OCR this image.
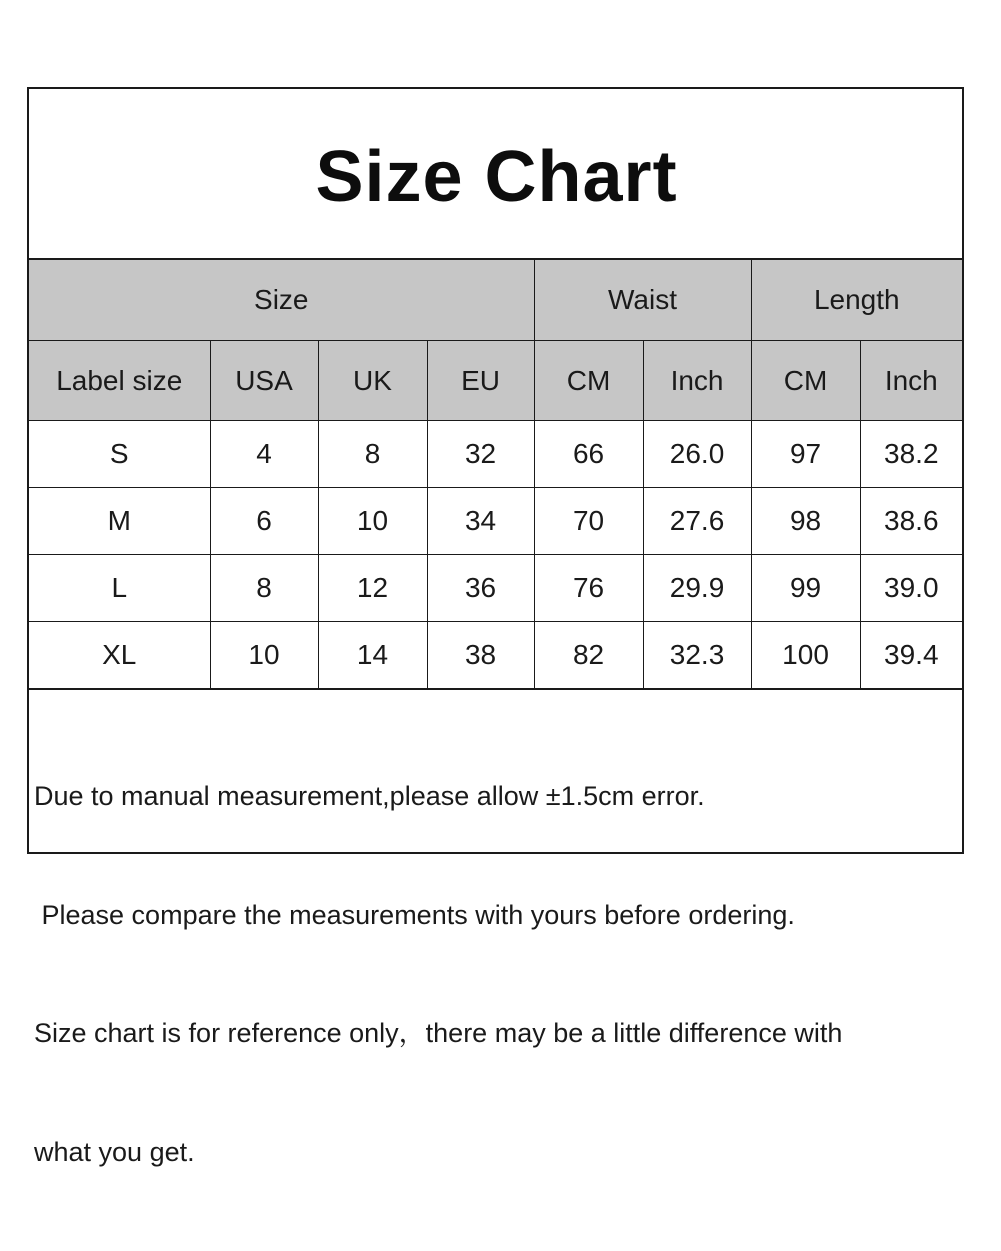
Size Chart
Size				Waist		Length	
Label size	USA	UK	EU	CM	Inch	CM	Inch
S	4	8	32	66	26.0	97	38.2
M	6	10	34	70	27.6	98	38.6
L	8	12	36	76	29.9	99	39.0
XL	10	14	38	82	32.3	100	39.4

Due to manual measurement,please allow ±1.5cm error.

Please compare the measurements with yours before ordering.

Size chart is for reference only，there may be a little difference with

what you get.
